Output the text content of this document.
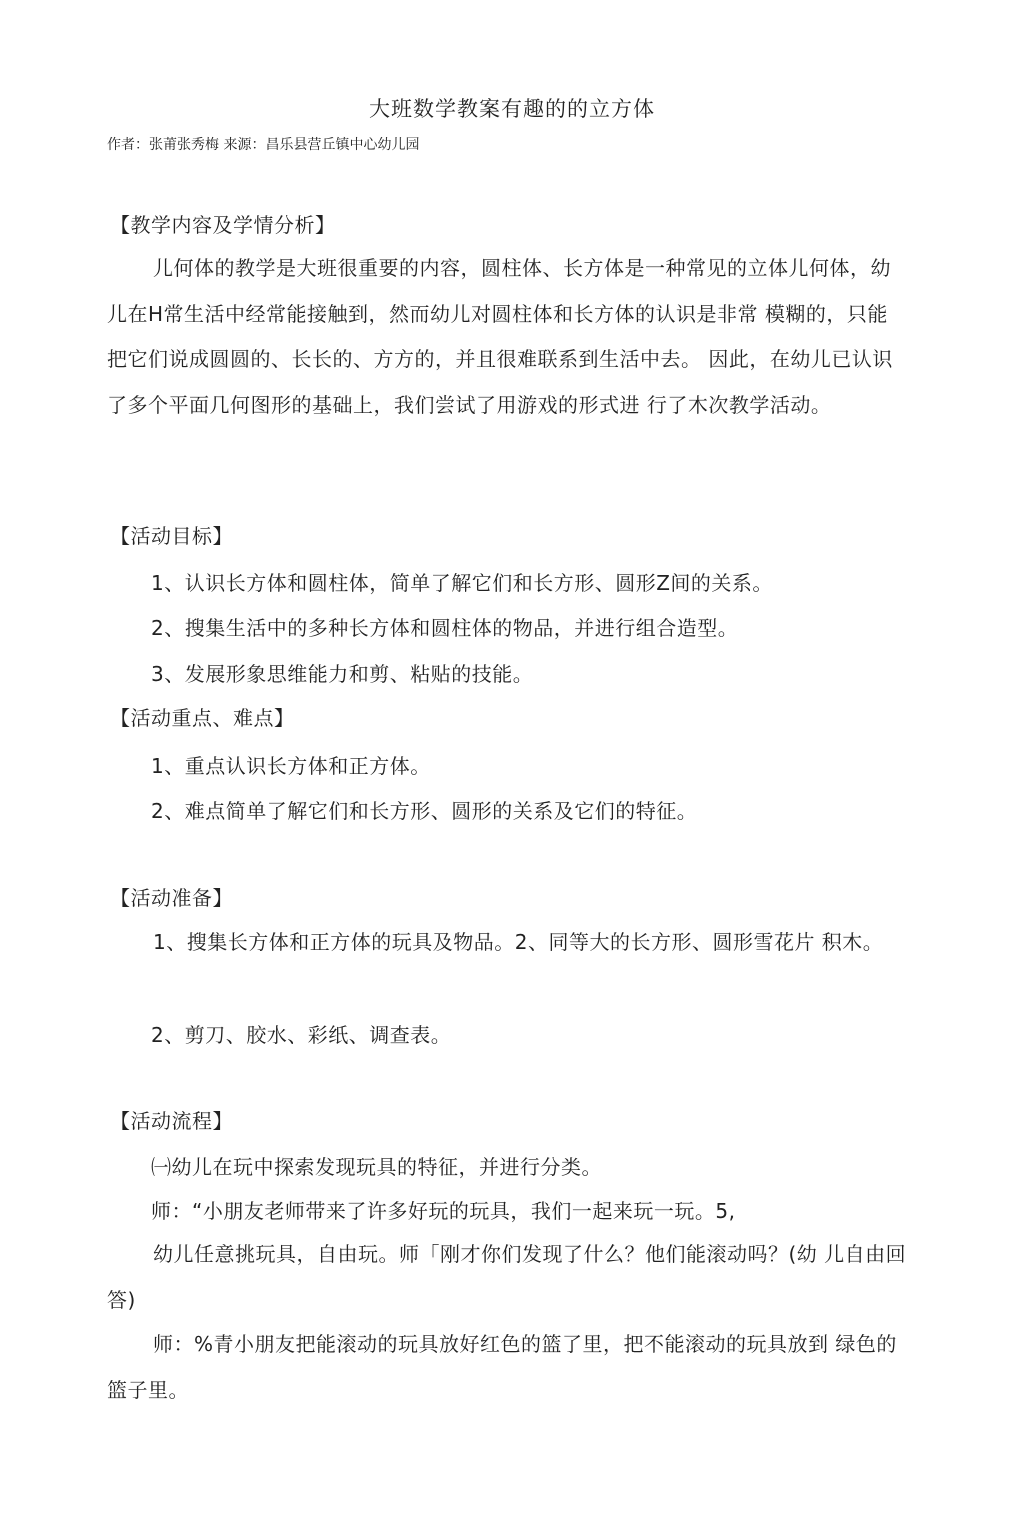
大班数学教案有趣的的立方体
作者：张莆张秀梅 来源：昌乐县营丘镇中心幼儿园
【教学内容及学情分析】

儿何体的教学是大班很重要的内容，圆柱体、长方体是一种常见的立体儿何体，幼儿在H常生活中经常能接触到，然而幼儿对圆柱体和长方体的认识是非常 模糊的，只能把它们说成圆圆的、长长的、方方的，并且很难联系到生活中去。 因此，在幼儿已认识了多个平面几何图形的基础上，我们尝试了用游戏的形式进 行了木次教学活动。

【活动目标】
1、认识长方体和圆柱体，简单了解它们和长方形、圆形Z间的关系。
2、搜集生活中的多种长方体和圆柱体的物品，并进行组合造型。
3、发展形象思维能力和剪、粘贴的技能。
【活动重点、难点】
1、重点认识长方体和正方体。
2、难点简单了解它们和长方形、圆形的关系及它们的特征。
【活动准备】

1、搜集长方体和正方体的玩具及物品。2、同等大的长方形、圆形雪花片 积木。

2、剪刀、胶水、彩纸、调查表。
【活动流程】
㈠幼儿在玩中探索发现玩具的特征，并进行分类。
师：“小朋友老师带来了许多好玩的玩具，我们一起来玩一玩。5,

幼儿任意挑玩具，自由玩。师「刚才你们发现了什么？他们能滚动吗？(幼 儿自由回答)

师：%青小朋友把能滚动的玩具放好红色的篮了里，把不能滚动的玩具放到 绿色的篮子里。
